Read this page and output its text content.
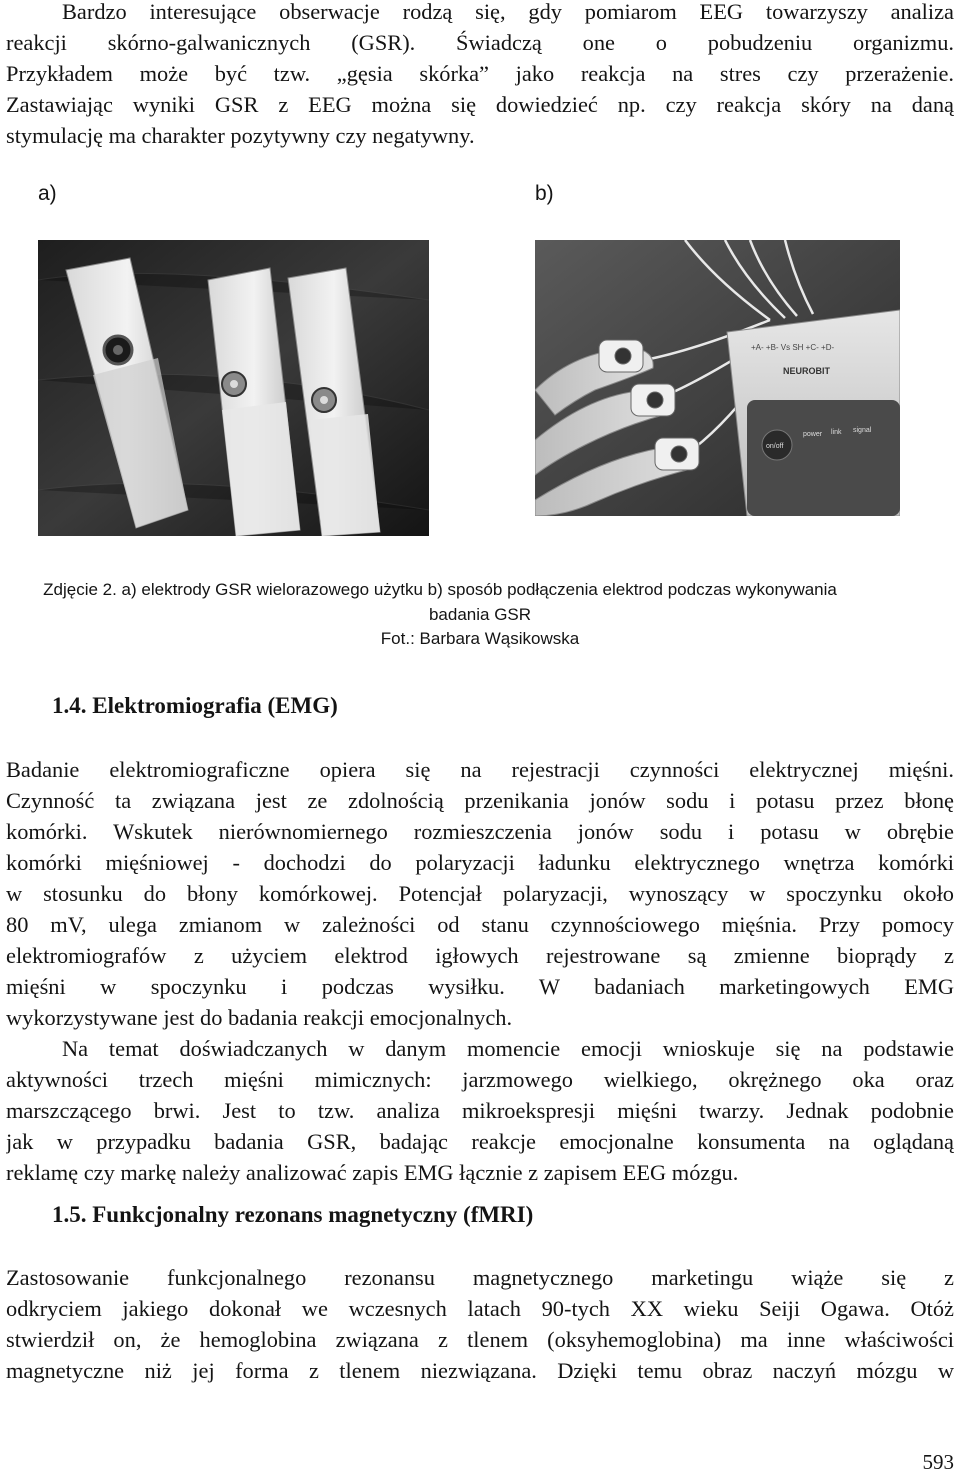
Bardzo interesujące obserwacje rodzą się, gdy pomiarom EEG towarzyszy analiza
reakcji skórno-galwanicznych (GSR). Świadczą one o pobudzeniu organizmu.
Przykładem może być tzw. „gęsia skórka” jako reakcja na stres czy przerażenie.
Zastawiając wyniki GSR z EEG można się dowiedzieć np. czy reakcja skóry na daną
stymulację ma charakter pozytywny czy negatywny.
a)	b)
+A- +B- Vs SH +C- +D-
NEUROBIT
on/off
power link signal
Zdjęcie 2. a) elektrody GSR wielorazowego użytku b) sposób podłączenia elektrod podczas wykonywania
badania GSR
Fot.: Barbara Wąsikowska
1.4. Elektromiografia (EMG)
Badanie elektromiograficzne opiera się na rejestracji czynności elektrycznej mięśni.
Czynność ta związana jest ze zdolnością przenikania jonów sodu i potasu przez błonę
komórki. Wskutek nierównomiernego rozmieszczenia jonów sodu i potasu w obrębie
komórki mięśniowej - dochodzi do polaryzacji ładunku elektrycznego wnętrza komórki
w stosunku do błony komórkowej. Potencjał polaryzacji, wynoszący w spoczynku około
80 mV, ulega zmianom w zależności od stanu czynnościowego mięśnia. Przy pomocy
elektromiografów z użyciem elektrod igłowych rejestrowane są zmienne bioprądy z
mięśni w spoczynku i podczas wysiłku. W badaniach marketingowych EMG
wykorzystywane jest do badania reakcji emocjonalnych.
Na temat doświadczanych w danym momencie emocji wnioskuje się na podstawie
aktywności trzech mięśni mimicznych: jarzmowego wielkiego, okrężnego oka oraz
marszczącego brwi. Jest to tzw. analiza mikroekspresji mięśni twarzy. Jednak podobnie
jak w przypadku badania GSR, badając reakcje emocjonalne konsumenta na oglądaną
reklamę czy markę należy analizować zapis EMG łącznie z zapisem EEG mózgu.
1.5. Funkcjonalny rezonans magnetyczny (fMRI)
Zastosowanie funkcjonalnego rezonansu magnetycznego marketingu wiąże się z
odkryciem jakiego dokonał we wczesnych latach 90-tych XX wieku Seiji Ogawa. Otóż
stwierdził on, że hemoglobina związana z tlenem (oksyhemoglobina) ma inne właściwości
magnetyczne niż jej forma z tlenem niezwiązana. Dzięki temu obraz naczyń mózgu w
593
